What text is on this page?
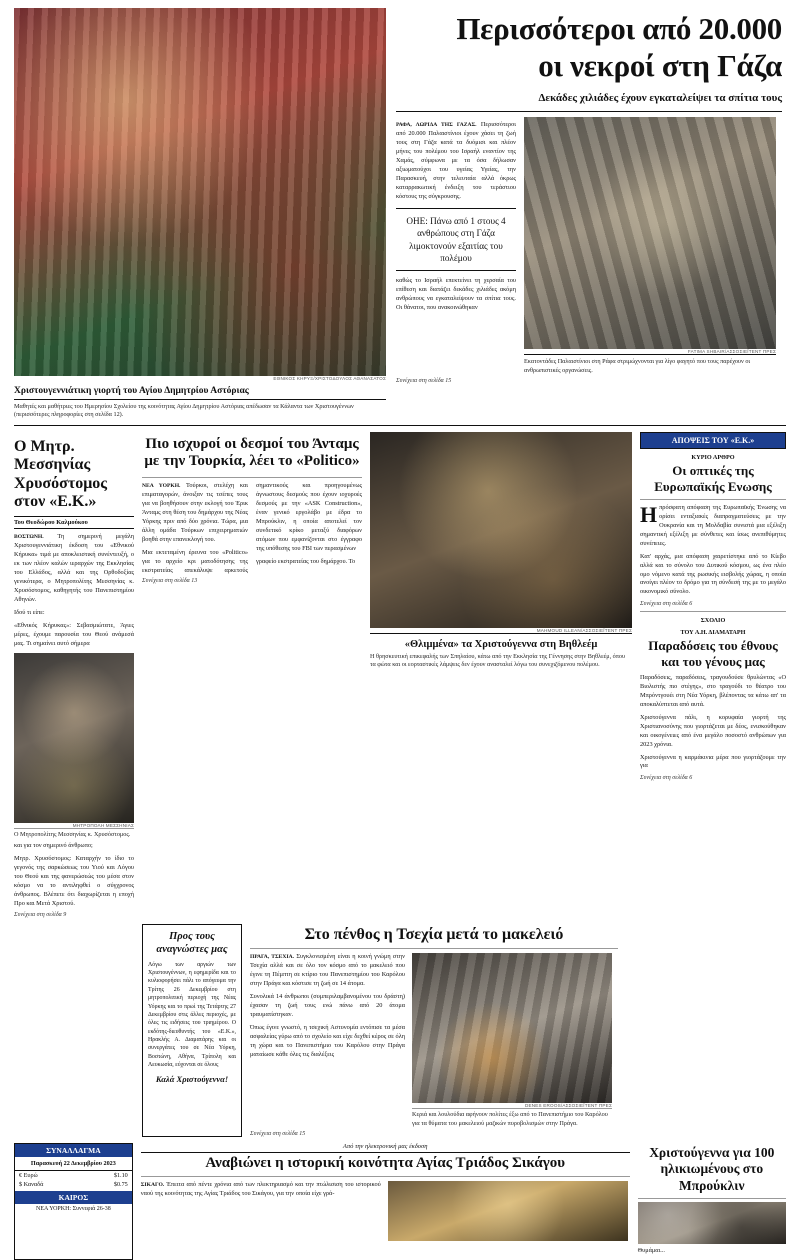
ΕΘΝΙΚΟΣ ΚΗΡΥΞ/ΧΡΙΣΤΟΔΟΥΛΟΣ ΑΘΑΝΑΣΑΤΟΣ
Χριστουγεννιάτικη γιορτή του Αγίου Δημητρίου Αστόριας
Μαθητές και μαθήτριες του Ημερησίου Σχολείου της κοινότητας Αγίου Δημητρίου Αστόριας απέδωσαν τα Κάλαντα των Χριστουγέννων (περισσότερες πληροφορίες στη σελίδα 12).
Περισσότεροι από 20.000
οι νεκροί στη Γάζα
Δεκάδες χιλιάδες έχουν εγκαταλείψει τα σπίτια τους

ΡΑΦΑ, ΛΩΡΙΔΑ ΤΗΣ ΓΑΖΑΣ. Περισσότεροι από 20.000 Παλαιστίνιοι έχουν χάσει τη ζωή τους στη Γάζα κατά τα δυόμισι και πλέον μήνες του πολέμου του Ισραήλ εναντίον της Χαμάς, σύμφωνα με τα όσα δήλωσαν αξιωματούχοι του υγείας Υγείας, την Παρασκευή, στην τελευταία αλλά όκρως καταρρακωτική ένδειξη του τεράστιου κόστους της σύγκρουσης.

ΟΗΕ: Πάνω από 1 στους 4 ανθρώπους στη Γάζα λιμοκτονούν εξαιτίας του πολέμου

καθώς το Ισραήλ επεκτείνει τη χερσαία του επίθεση και διατάζει δεκάδες χιλιάδες ακόμη ανθρώπους να εγκαταλείψουν τα σπίτια τους. Οι θάνατοι, που ανακοινώθηκαν

FATIMA SHBAIR/ΑΣΣΟΣΙΕΪΤΕΝΤ ΠΡΕΣ
Εκατοντάδες Παλαιστίνιοι στη Ράφα στριμώχνονται για λίγο φαγητό που τους παρέχουν οι ανθρωπιστικές οργανώσεις.
Συνέχεια στη σελίδα 15
Ο Μητρ. Μεσσηνίας Χρυσόστομος στον «Ε.Κ.»
Του Θεοδώρου Καλμούκου

ΒΟΣΤΩΝΗ. Τη σημερινή μεγάλη Χριστουγεννιάτικη έκδοση του «Εθνικού Κήρυκα» τιμά με αποκλειστική συνέντευξή, ο εκ των πλέον καλών ιεραρχών της Εκκλησίας του Ελλάδος, αλλά και της Ορθοδοξίας γενικότερα, ο Μητροπολίτης Μεσσηνίας κ. Χρυσόστομος, καθηγητής του Πανεπιστημίου Αθηνών.

Ιδού τι είπε:

«Εθνικός Κήρυκας»: Σεβασμιώτατε, Άγιες μέρες, έχουμε παρουσία του Θεού ανάμεσά μας. Τι σημαίνει αυτό σήμερα

ΜΗΤΡΟΠΟΛΗ ΜΕΣΣΗΝΙΑΣ
Ο Μητροπολίτης Μεσσηνίας κ. Χρυσόστομος.

και για τον σημερινό άνθρωπο;

Μητρ. Χρυσόστομος: Καταρχήν το ίδιο το γεγονός της σαρκώσεως του Υιού και Λόγου του Θεού και της φανερώσεώς του μέσα στον κόσμο να το αντιληφθεί ο σύγχρονος άνθρωπος. Βλέπετε ότι διαχωρίζεται η εποχή Προ και Μετά Χριστού.

Συνέχεια στη σελίδα 9
Πιο ισχυροί οι δεσμοί του Άνταμς με την Τουρκία, λέει το «Politico»

ΝΕΑ ΥΟΡΚΗ. Τούρκοι, στελέχη και επιματαγορών, άνοιξαν τις τσέπες τους για να βοηθήσουν στην εκλογή του Έρικ Άνταμς στη θέση του δημάρχου της Νέας Υόρκης πριν από δύο χρόνια. Τώρα, μια άλλη ομάδα Τούρκων επιχειρηματιών βοηθά στην επανεκλογή του.

Μια εκτεταμένη έρευνα του «Politico» για το αρχείο κρι ματοδότησης της εκστρατείας απεκάλυψε αρκετούς σημαντικούς και προηγουμένως άγνωστους δεσμούς που έχουν ιοχυροές δεσμούς με την «ASK Construction», έναν γενικό εργολάβο με έδρα το Μπρούκλιν, η οποία αποτελεί τον συνδετικό κρίκο μεταξύ διαφόρων ατόμων που εμφανίζονται στο έγγραφο της υπόθεσης του FBI των περασμένων

γραφείο εκστρατείας του δημάρχου. Το

Συνέχεια στη σελίδα 13
MAHMOUD ILLEAN/ΑΣΣΟΣΙΕΪΤΕΝΤ ΠΡΕΣ
«Θλιμμένα» τα Χριστούγεννα στη Βηθλεέμ
Η θρησκευτική επικεφαλής των Σπηλαίου, κάτω από την Εκκλησία της Γέννησης στην Βηθλεέμ, όπου τα φώτα και οι εορταστικές λάμψεις δεν έχουν ανασταλεί λόγω του συνεχιζόμενου πολέμου.

ΑΠΟΨΕΙΣ ΤΟΥ «Ε.Κ.»
ΚΥΡΙΟ ΑΡΘΡΟ
Οι οπτικές της Ευρωπαϊκής Ενωσης

Ηπρόσφατη απόφαση της Ευρωπαϊκής Ένωσης να ορίσει ενταξιακές διαπραγματεύσεις με την Ουκρανία και τη Μολδαβία συνιστά μια εξέλιξη σημαντική εξέλιξη με σύνθετες και ίσως ανεπιθύμητες συνέπειες.

Κατ' αρχάς, μια απόφαση χαιρετίστηκε από το Κίεβο αλλά και το σύνολο του Δυτικού κόσμου, ως ένα πλέο ομο νόμενο κατά της ρωσικής εισβολής χώρας, η οποία ανοίγει πλέον το δρόμο για τη σύνδεσή της με το μεγάλο οικονομικό σύνολο.

Συνέχεια στη σελίδα 6
ΣΧΟΛΙΟ
ΤΟΥ Α.Η. ΔΙΑΜΑΤΑΡΗ
Παραδόσεις του έθνους και του γένους μας

Παραδόσεις, παραδόσεις, τραγουδούσε θρυλώντας «Ο Βιολιστής πιο στέγης», στο τραγούδι το θέατρο του Μπρόντγουέι στη Νέα Υόρκη, βλέποντας τα κάτω απ' τα αποκαλύπτεται από αυτά.

Χριστούγεννα πάλι, η κορυφαία γιορτή της Χριστιανοσύνης που γιορτάζεται με δέος, ενισκούθηκαν και οικογένειες από ένα μεγάλο ποσοστό ανθρώπων για 2023 χρόνια.

Χριστούγεννα η καρμάκινια μέρα που γιορτάζουμε την για

Συνέχεια στη σελίδα 6
Προς τους αναγνώστες μας

Λόγω των αργιών των Χριστουγέννων, η εφημερίδα και το κυλιοφορήσει πάλι το απόγευμα την Τρίτης 26 Δεκεμβρίου στη μητροπολιτική περιοχή της Νέας Υόρκης και το πρωί της Τετάρτης 27 Δεκεμβρίου στις άλλες περιοχές, με όλες τις ειδήσεις του τριημέρου. Ο εκδότης-διευθυντής του «Ε.Κ.», Ηρακλής Α. Διαματάρης και οι συνεργάτες του σε Νέα Υόρκη, Βοστώνη, Αθήνα, Τρίπολη και Λευκωσία, εύχονται σε όλους

Καλά Χριστούγεννα!
Στο πένθος η Τσεχία μετά το μακελειό

ΠΡΑΓΑ, ΤΣΕΧΙΑ. Συγκλονισμένη είναι η κοινή γνώμη στην Τσεχία αλλά και σε όλο τον κόσμο από το μακελειό που έγινε τη Πέμπτη σε κτίριο του Πανεπιστημίου του Καρόλου στην Πράγα και κόστισε τη ζωή σε 14 άτομα.

Συνολικά 14 άνθρωποι (συμπεριλαμβανομένου του δράστη) έχασαν τη ζωή τους ενώ πάνω από 20 άτομα τραυματίστηκαν.

Όπως έγινε γνωστό, η τσεχική Αστυνομία εντόπισε τα μέσα ασφαλείας γύρω από το σχολείο και είχε δεχθεί κέρος σε όλη τη χώρα και το Πανεπιστήμιο του Καρόλου στην Πράγα ματαίωσε κάθε όλες τις διαλέξεις

DENES EROOS/ΑΣΣΟΣΙΕΪΤΕΝΤ ΠΡΕΣ
Κεριά και λουλούδια αφήνουν πολίτες έξω από το Πανεπιστήμιο του Καρόλου για τα θύματα του μακελειού μαζικών πυροβολισμών στην Πράγα.
Συνέχεια στη σελίδα 15
ΣΥΝΑΛΛΑΓΜΑ
Παρασκευή 22 Δεκεμβρίου 2023
€ Ευρώ	$1.10
$ Καναδά	$0.75
ΚΑΙΡΟΣ
ΝΕΑ ΥΟΡΚΗ: Συννεφιά 26-38
Από την ηλεκτρονική μας έκδοση
Αναβιώνει η ιστορική κοινότητα Αγίας Τριάδος Σικάγου

ΣΙΚΑΓΟ. Έπειτα από πέντε χρόνια από των πλεκτηριασμό και την πτώλισιση του ιστορικού ναού της κοινότητας της Αγίας Τριάδος του Σικάγου, για την οποία είχε γρά-

Χριστούγεννα για 100 ηλικιωμένους στο Μπρούκλιν

Θυμάμαι...
